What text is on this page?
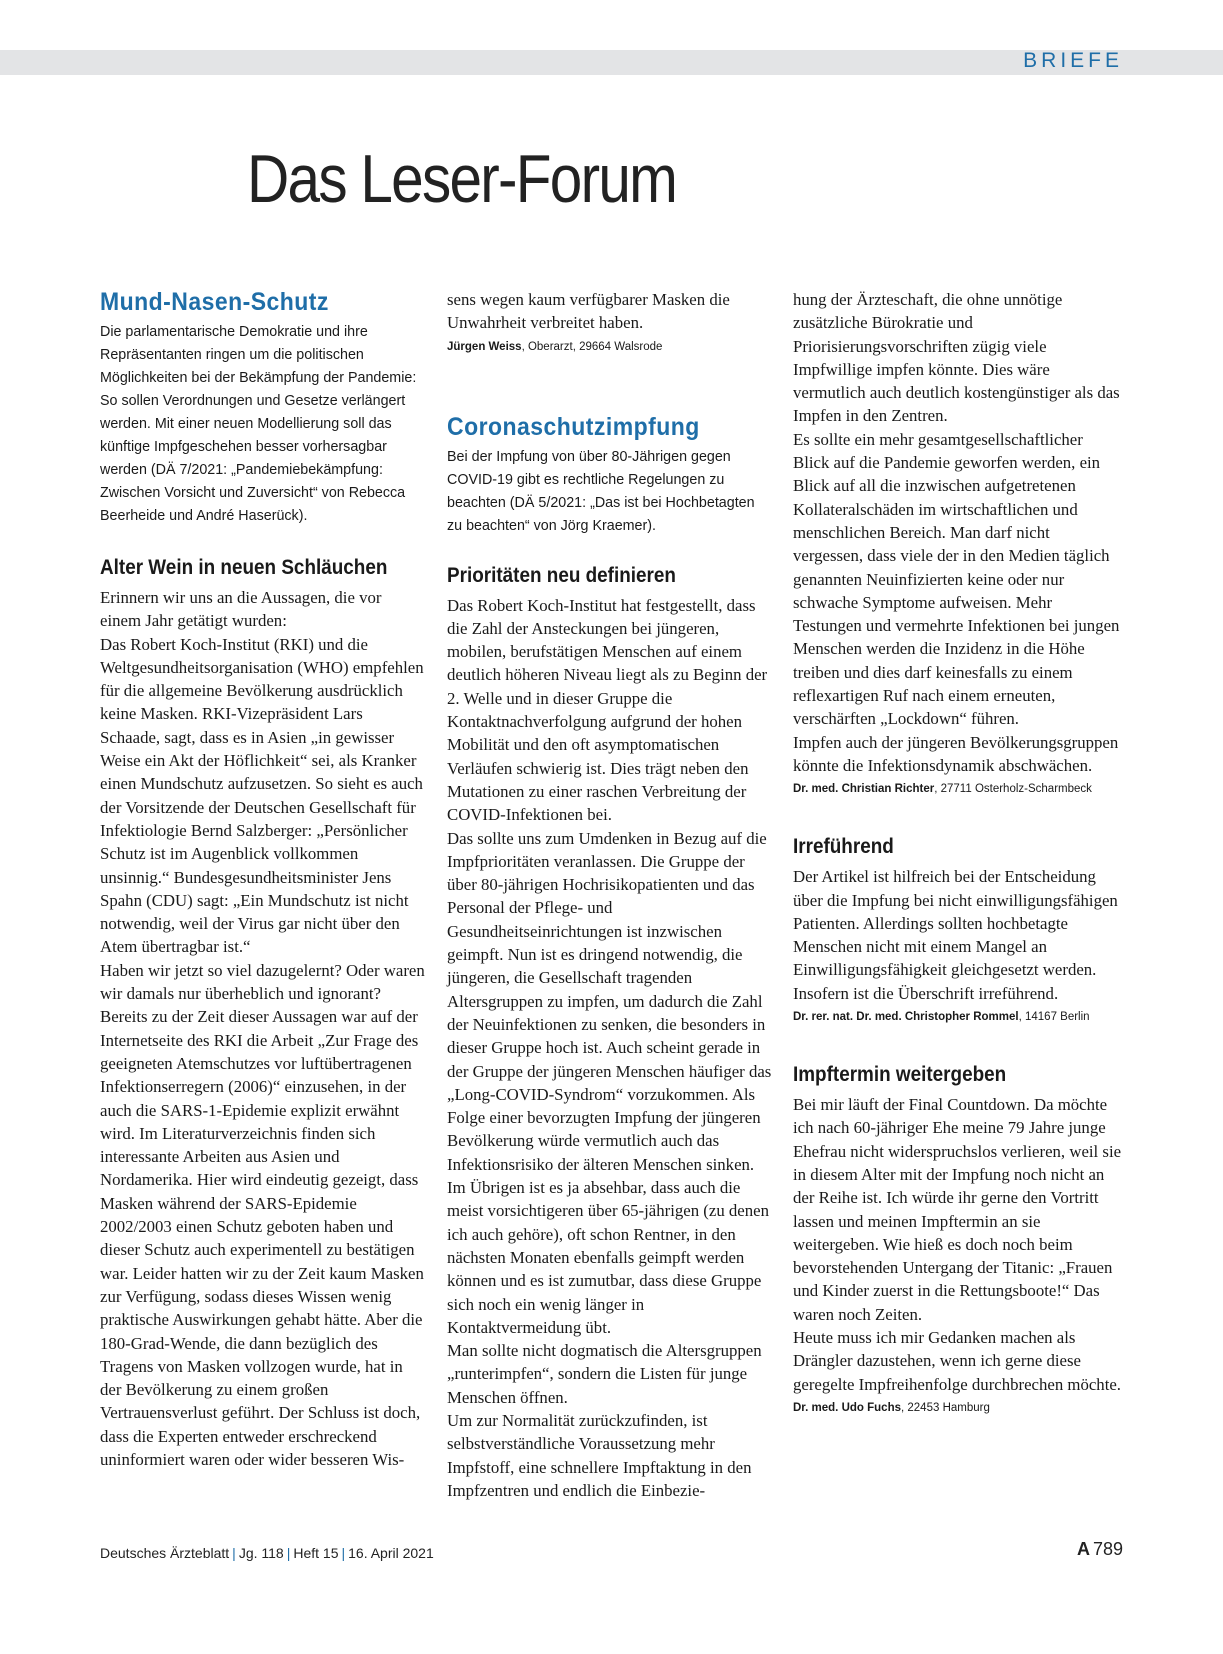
BRIEFE
Das Leser-Forum
Mund-Nasen-Schutz

Die parlamentarische Demokratie und ihre Repräsentanten ringen um die politischen Möglichkeiten bei der Bekämpfung der Pandemie: So sollen Verordnungen und Gesetze verlängert werden. Mit einer neuen Modellierung soll das künftige Impfgeschehen besser vorhersagbar werden (DÄ 7/2021: „Pandemiebekämpfung: Zwischen Vorsicht und Zuversicht“ von Rebecca Beerheide und André Haserück).

Alter Wein in neuen Schläuchen

Erinnern wir uns an die Aussagen, die vor einem Jahr getätigt wurden:

Das Robert Koch-Institut (RKI) und die Weltgesundheitsorganisation (WHO) empfehlen für die allgemeine Bevölkerung ausdrücklich keine Masken. RKI-Vizepräsident Lars Schaade, sagt, dass es in Asien „in gewisser Weise ein Akt der Höflichkeit“ sei, als Kranker einen Mundschutz aufzusetzen. So sieht es auch der Vorsitzende der Deutschen Gesellschaft für Infektiologie Bernd Salzberger: „Persönlicher Schutz ist im Augenblick vollkommen unsinnig.“ Bundesgesundheitsminister Jens Spahn (CDU) sagt: „Ein Mundschutz ist nicht notwendig, weil der Virus gar nicht über den Atem übertragbar ist.“

Haben wir jetzt so viel dazugelernt? Oder waren wir damals nur überheblich und ignorant? Bereits zu der Zeit dieser Aussagen war auf der Internetseite des RKI die Arbeit „Zur Frage des geeigneten Atemschutzes vor luftübertragenen Infektionserregern (2006)“ einzusehen, in der auch die SARS-1-Epidemie explizit erwähnt wird. Im Literaturverzeichnis finden sich interessante Arbeiten aus Asien und Nordamerika. Hier wird eindeutig gezeigt, dass Masken während der SARS-Epidemie 2002/2003 einen Schutz geboten haben und dieser Schutz auch experimentell zu bestätigen war. Leider hatten wir zu der Zeit kaum Masken zur Verfügung, sodass dieses Wissen wenig praktische Auswirkungen gehabt hätte. Aber die 180-Grad-Wende, die dann bezüglich des Tragens von Masken vollzogen wurde, hat in der Bevölkerung zu einem großen Vertrauensverlust geführt. Der Schluss ist doch, dass die Experten entweder erschreckend uninformiert waren oder wider besseren Wis-

sens wegen kaum verfügbarer Masken die Unwahrheit verbreitet haben.

Jürgen Weiss, Oberarzt, 29664 Walsrode

Coronaschutzimpfung

Bei der Impfung von über 80-Jährigen gegen COVID-19 gibt es rechtliche Regelungen zu beachten (DÄ 5/2021: „Das ist bei Hochbetagten zu beachten“ von Jörg Kraemer).

Prioritäten neu definieren

Das Robert Koch-Institut hat festgestellt, dass die Zahl der Ansteckungen bei jüngeren, mobilen, berufstätigen Menschen auf einem deutlich höheren Niveau liegt als zu Beginn der 2. Welle und in dieser Gruppe die Kontaktnachverfolgung aufgrund der hohen Mobilität und den oft asymptomatischen Verläufen schwierig ist. Dies trägt neben den Mutationen zu einer raschen Verbreitung der COVID-Infektionen bei.

Das sollte uns zum Umdenken in Bezug auf die Impfprioritäten veranlassen. Die Gruppe der über 80-jährigen Hochrisikopatienten und das Personal der Pflege- und Gesundheitseinrichtungen ist inzwischen geimpft. Nun ist es dringend notwendig, die jüngeren, die Gesellschaft tragenden Altersgruppen zu impfen, um dadurch die Zahl der Neuinfektionen zu senken, die besonders in dieser Gruppe hoch ist. Auch scheint gerade in der Gruppe der jüngeren Menschen häufiger das „Long-COVID-Syndrom“ vorzukommen. Als Folge einer bevorzugten Impfung der jüngeren Bevölkerung würde vermutlich auch das Infektionsrisiko der älteren Menschen sinken.

Im Übrigen ist es ja absehbar, dass auch die meist vorsichtigeren über 65-jährigen (zu denen ich auch gehöre), oft schon Rentner, in den nächsten Monaten ebenfalls geimpft werden können und es ist zumutbar, dass diese Gruppe sich noch ein wenig länger in Kontaktvermeidung übt.

Man sollte nicht dogmatisch die Altersgruppen „runterimpfen“, sondern die Listen für junge Menschen öffnen.

Um zur Normalität zurückzufinden, ist selbstverständliche Voraussetzung mehr Impfstoff, eine schnellere Impftaktung in den Impfzentren und endlich die Einbezie-

hung der Ärzteschaft, die ohne unnötige zusätzliche Bürokratie und Priorisierungsvorschriften zügig viele Impfwillige impfen könnte. Dies wäre vermutlich auch deutlich kostengünstiger als das Impfen in den Zentren.

Es sollte ein mehr gesamtgesellschaftlicher Blick auf die Pandemie geworfen werden, ein Blick auf all die inzwischen aufgetretenen Kollateralschäden im wirtschaftlichen und menschlichen Bereich. Man darf nicht vergessen, dass viele der in den Medien täglich genannten Neuinfizierten keine oder nur schwache Symptome aufweisen. Mehr Testungen und vermehrte Infektionen bei jungen Menschen werden die Inzidenz in die Höhe treiben und dies darf keinesfalls zu einem reflexartigen Ruf nach einem erneuten, verschärften „Lockdown“ führen.

Impfen auch der jüngeren Bevölkerungsgruppen könnte die Infektionsdynamik abschwächen.

Dr. med. Christian Richter, 27711 Osterholz-Scharmbeck

Irreführend

Der Artikel ist hilfreich bei der Entscheidung über die Impfung bei nicht einwilligungsfähigen Patienten. Allerdings sollten hochbetagte Menschen nicht mit einem Mangel an Einwilligungsfähigkeit gleichgesetzt werden. Insofern ist die Überschrift irreführend.

Dr. rer. nat. Dr. med. Christopher Rommel, 14167 Berlin

Impftermin weitergeben

Bei mir läuft der Final Countdown. Da möchte ich nach 60-jähriger Ehe meine 79 Jahre junge Ehefrau nicht widerspruchslos verlieren, weil sie in diesem Alter mit der Impfung noch nicht an der Reihe ist. Ich würde ihr gerne den Vortritt lassen und meinen Impftermin an sie weitergeben. Wie hieß es doch noch beim bevorstehenden Untergang der Titanic: „Frauen und Kinder zuerst in die Rettungsboote!“ Das waren noch Zeiten.

Heute muss ich mir Gedanken machen als Drängler dazustehen, wenn ich gerne diese geregelte Impfreihenfolge durchbrechen möchte.

Dr. med. Udo Fuchs, 22453 Hamburg

Deutsches Ärzteblatt | Jg. 118 | Heft 15 | 16. April 2021	A 789
